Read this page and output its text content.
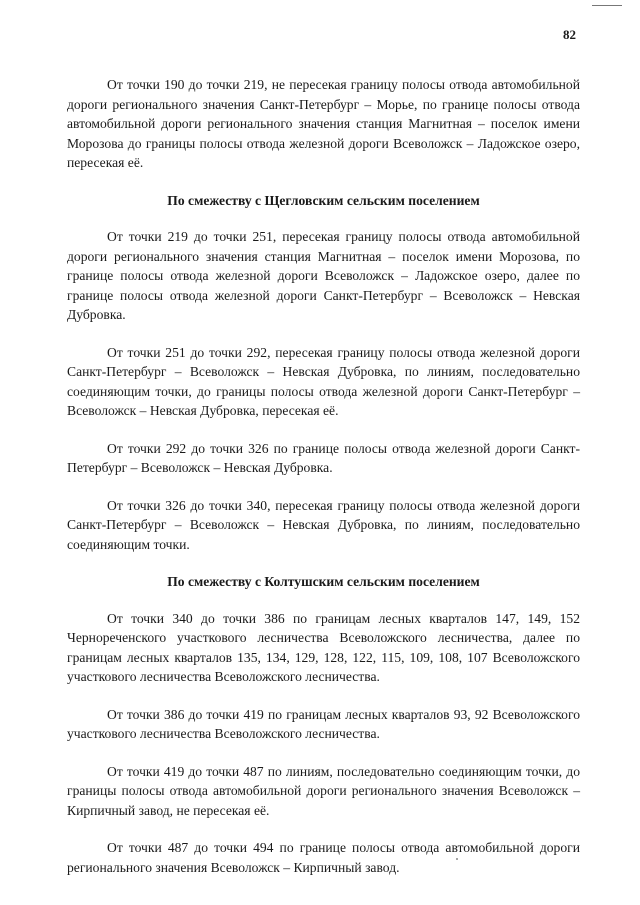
82

От точки 190 до точки 219, не пересекая границу полосы отвода автомобильной дороги регионального значения Санкт-Петербург – Морье, по границе полосы отвода автомобильной дороги регионального значения станция Магнитная – поселок имени Морозова до границы полосы отвода железной дороги Всеволожск – Ладожское озеро, пересекая её.

По смежеству с Щегловским сельским поселением

От точки 219 до точки 251, пересекая границу полосы отвода автомобильной дороги регионального значения станция Магнитная – поселок имени Морозова, по границе полосы отвода железной дороги Всеволожск – Ладожское озеро, далее по границе полосы отвода железной дороги Санкт-Петербург – Всеволожск – Невская Дубровка.

От точки 251 до точки 292, пересекая границу полосы отвода железной дороги Санкт-Петербург – Всеволожск – Невская Дубровка, по линиям, последовательно соединяющим точки, до границы полосы отвода железной дороги Санкт-Петербург – Всеволожск – Невская Дубровка, пересекая её.

От точки 292 до точки 326 по границе полосы отвода железной дороги Санкт-Петербург – Всеволожск – Невская Дубровка.

От точки 326 до точки 340, пересекая границу полосы отвода железной дороги Санкт-Петербург – Всеволожск – Невская Дубровка, по линиям, последовательно соединяющим точки.

По смежеству с Колтушским сельским поселением

От точки 340 до точки 386 по границам лесных кварталов 147, 149, 152 Чернореченского участкового лесничества Всеволожского лесничества, далее по границам лесных кварталов 135, 134, 129, 128, 122, 115, 109, 108, 107 Всеволожского участкового лесничества Всеволожского лесничества.

От точки 386 до точки 419 по границам лесных кварталов 93, 92 Всеволожского участкового лесничества Всеволожского лесничества.

От точки 419 до точки 487 по линиям, последовательно соединяющим точки, до границы полосы отвода автомобильной дороги регионального значения Всеволожск – Кирпичный завод, не пересекая её.

От точки 487 до точки 494 по границе полосы отвода автомобильной дороги регионального значения Всеволожск – Кирпичный завод.
